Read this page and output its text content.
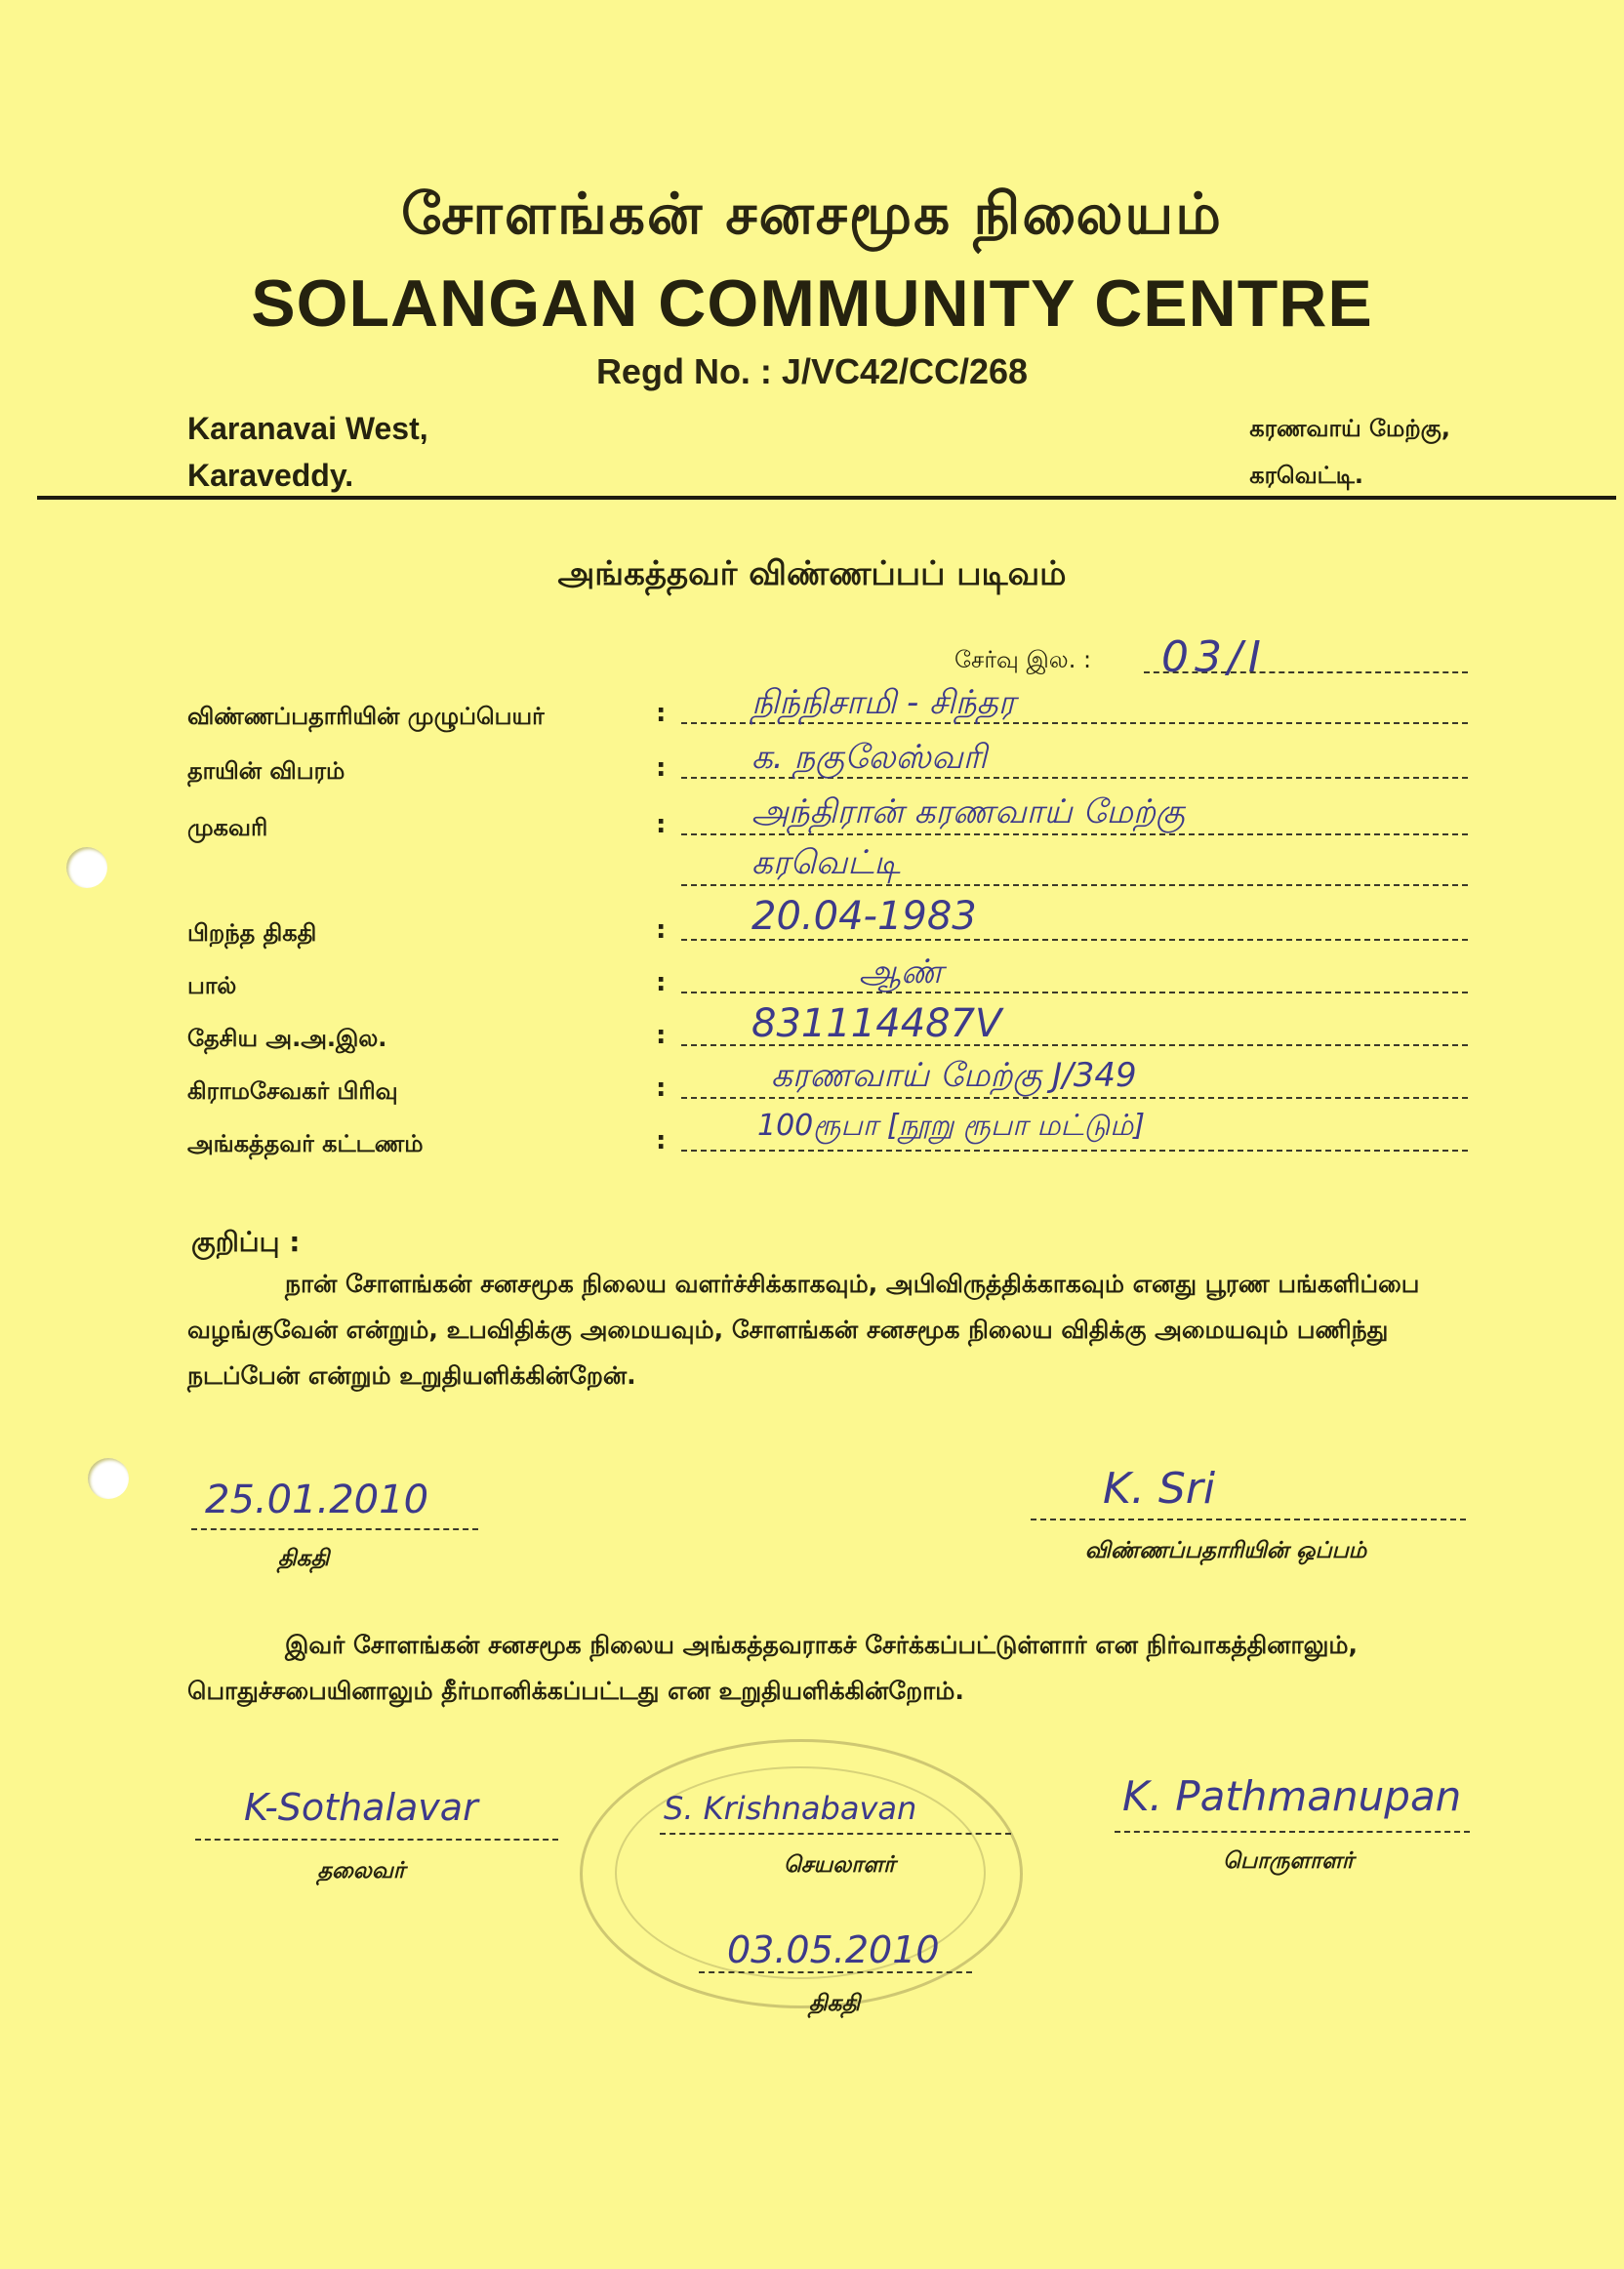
சோளங்கன் சனசமூக நிலையம்
SOLANGAN COMMUNITY CENTRE
Regd No. : J/VC42/CC/268
Karanavai West,
Karaveddy.
கரணவாய் மேற்கு,
கரவெட்டி.
அங்கத்தவர் விண்ணப்பப் படிவம்
சேர்வு இல. : 03/I
விண்ணப்பதாரியின் முழுப்பெயர்	:	நிந்நிசாமி - சிந்தர
தாயின் விபரம்	:	க. நகுலேஸ்வரி
முகவரி	:	அந்திரான் கரணவாய் மேற்கு
கரவெட்டி
பிறந்த திகதி	: 20.04-1983
பால்	:	ஆண்
தேசிய அ.அ.இல.	: 831114487V
கிராமசேவகர் பிரிவு	:	கரணவாய் மேற்கு J/349
அங்கத்தவர் கட்டணம்	:	100ரூபா [நூறு ரூபா மட்டும்]
குறிப்பு :
நான் சோளங்கன் சனசமூக நிலைய வளர்ச்சிக்காகவும், அபிவிருத்திக்காகவும் எனது பூரண பங்களிப்பை வழங்குவேன் என்றும், உபவிதிக்கு அமையவும், சோளங்கன் சனசமூக நிலைய விதிக்கு அமையவும் பணிந்து நடப்பேன் என்றும் உறுதியளிக்கின்றேன்.
25.01.2010
திகதி
K. Sri
விண்ணப்பதாரியின் ஒப்பம்
இவர் சோளங்கன் சனசமூக நிலைய அங்கத்தவராகச் சேர்க்கப்பட்டுள்ளார் என நிர்வாகத்தினாலும், பொதுச்சபையினாலும் தீர்மானிக்கப்பட்டது என உறுதியளிக்கின்றோம்.
K-Sothalavar
தலைவர்
S. Krishnabavan
செயலாளர்
K. Pathmanupan
பொருளாளர்
03.05.2010
திகதி
